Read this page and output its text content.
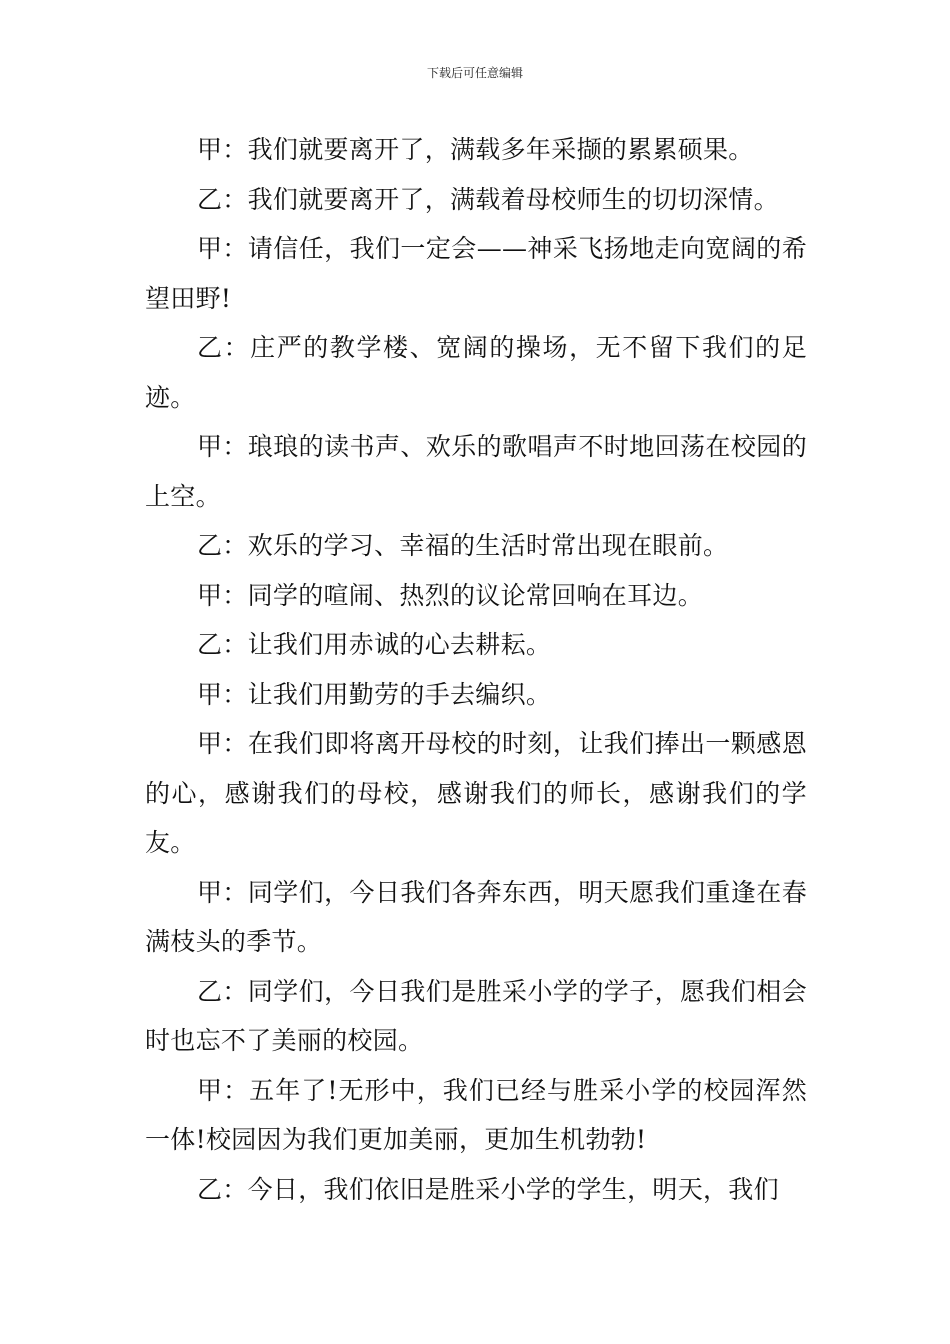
下载后可任意编辑

甲：我们就要离开了，满载多年采撷的累累硕果。

乙：我们就要离开了，满载着母校师生的切切深情。

甲：请信任，我们一定会——神采飞扬地走向宽阔的希望田野!

乙：庄严的教学楼、宽阔的操场，无不留下我们的足迹。

甲：琅琅的读书声、欢乐的歌唱声不时地回荡在校园的上空。

乙：欢乐的学习、幸福的生活时常出现在眼前。

甲：同学的喧闹、热烈的议论常回响在耳边。

乙：让我们用赤诚的心去耕耘。

甲：让我们用勤劳的手去编织。

甲：在我们即将离开母校的时刻，让我们捧出一颗感恩的心，感谢我们的母校，感谢我们的师长，感谢我们的学友。

甲：同学们，今日我们各奔东西，明天愿我们重逢在春满枝头的季节。

乙：同学们，今日我们是胜采小学的学子，愿我们相会时也忘不了美丽的校园。

甲：五年了!无形中，我们已经与胜采小学的校园浑然一体!校园因为我们更加美丽，更加生机勃勃!

乙：今日，我们依旧是胜采小学的学生，明天，我们
